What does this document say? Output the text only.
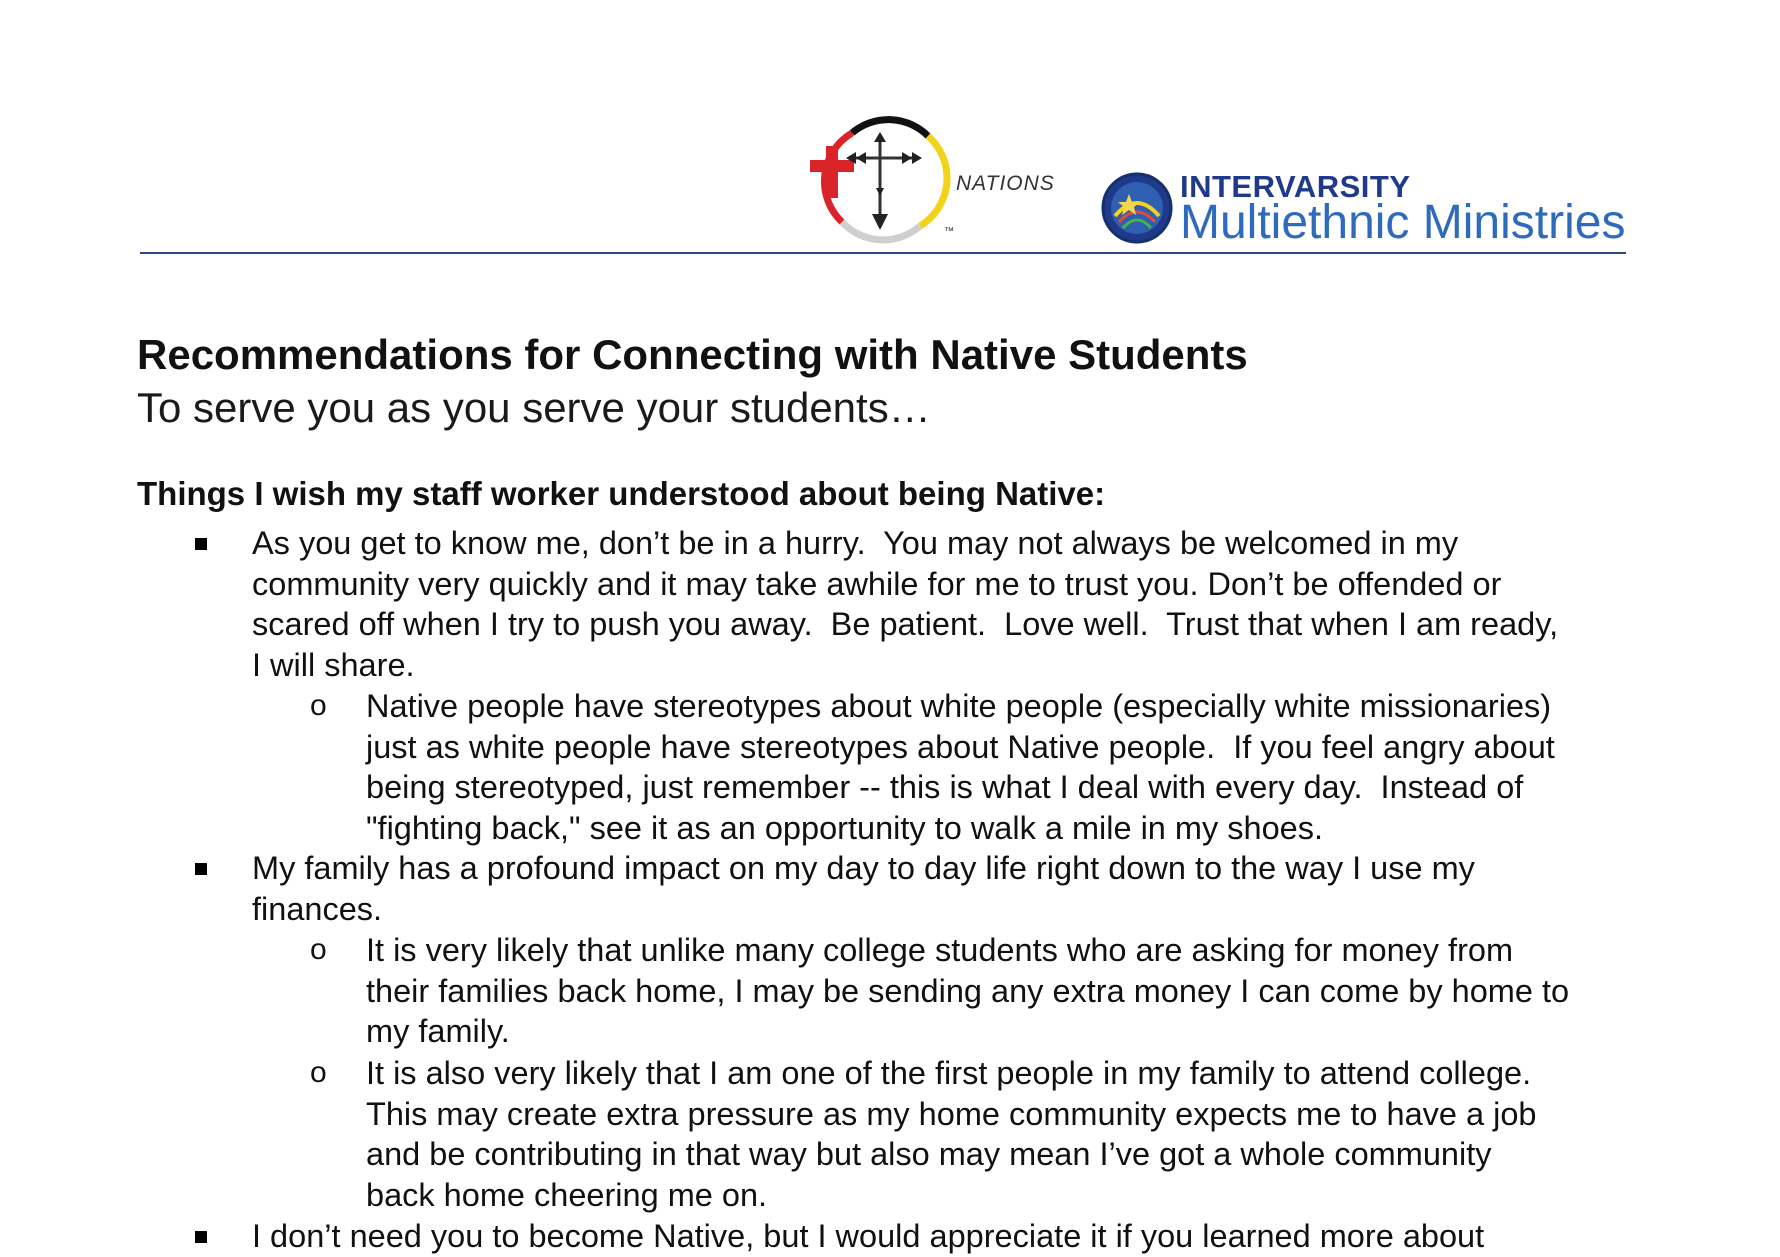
NATIONS
™
INTERVARSITY
Multiethnic Ministries
Recommendations for Connecting with Native Students
To serve you as you serve your students…
Things I wish my staff worker understood about being Native:
As you get to know me, don’t be in a hurry.  You may not always be welcomed in my
community very quickly and it may take awhile for me to trust you. Don’t be offended or
scared off when I try to push you away.  Be patient.  Love well.  Trust that when I am ready,
I will share.
o Native people have stereotypes about white people (especially white missionaries)
just as white people have stereotypes about Native people.  If you feel angry about
being stereotyped, just remember -- this is what I deal with every day.  Instead of
"fighting back," see it as an opportunity to walk a mile in my shoes.
My family has a profound impact on my day to day life right down to the way I use my
finances.
o It is very likely that unlike many college students who are asking for money from
their families back home, I may be sending any extra money I can come by home to
my family.
o It is also very likely that I am one of the first people in my family to attend college.
This may create extra pressure as my home community expects me to have a job
and be contributing in that way but also may mean I’ve got a whole community
back home cheering me on.
I don’t need you to become Native, but I would appreciate it if you learned more about
